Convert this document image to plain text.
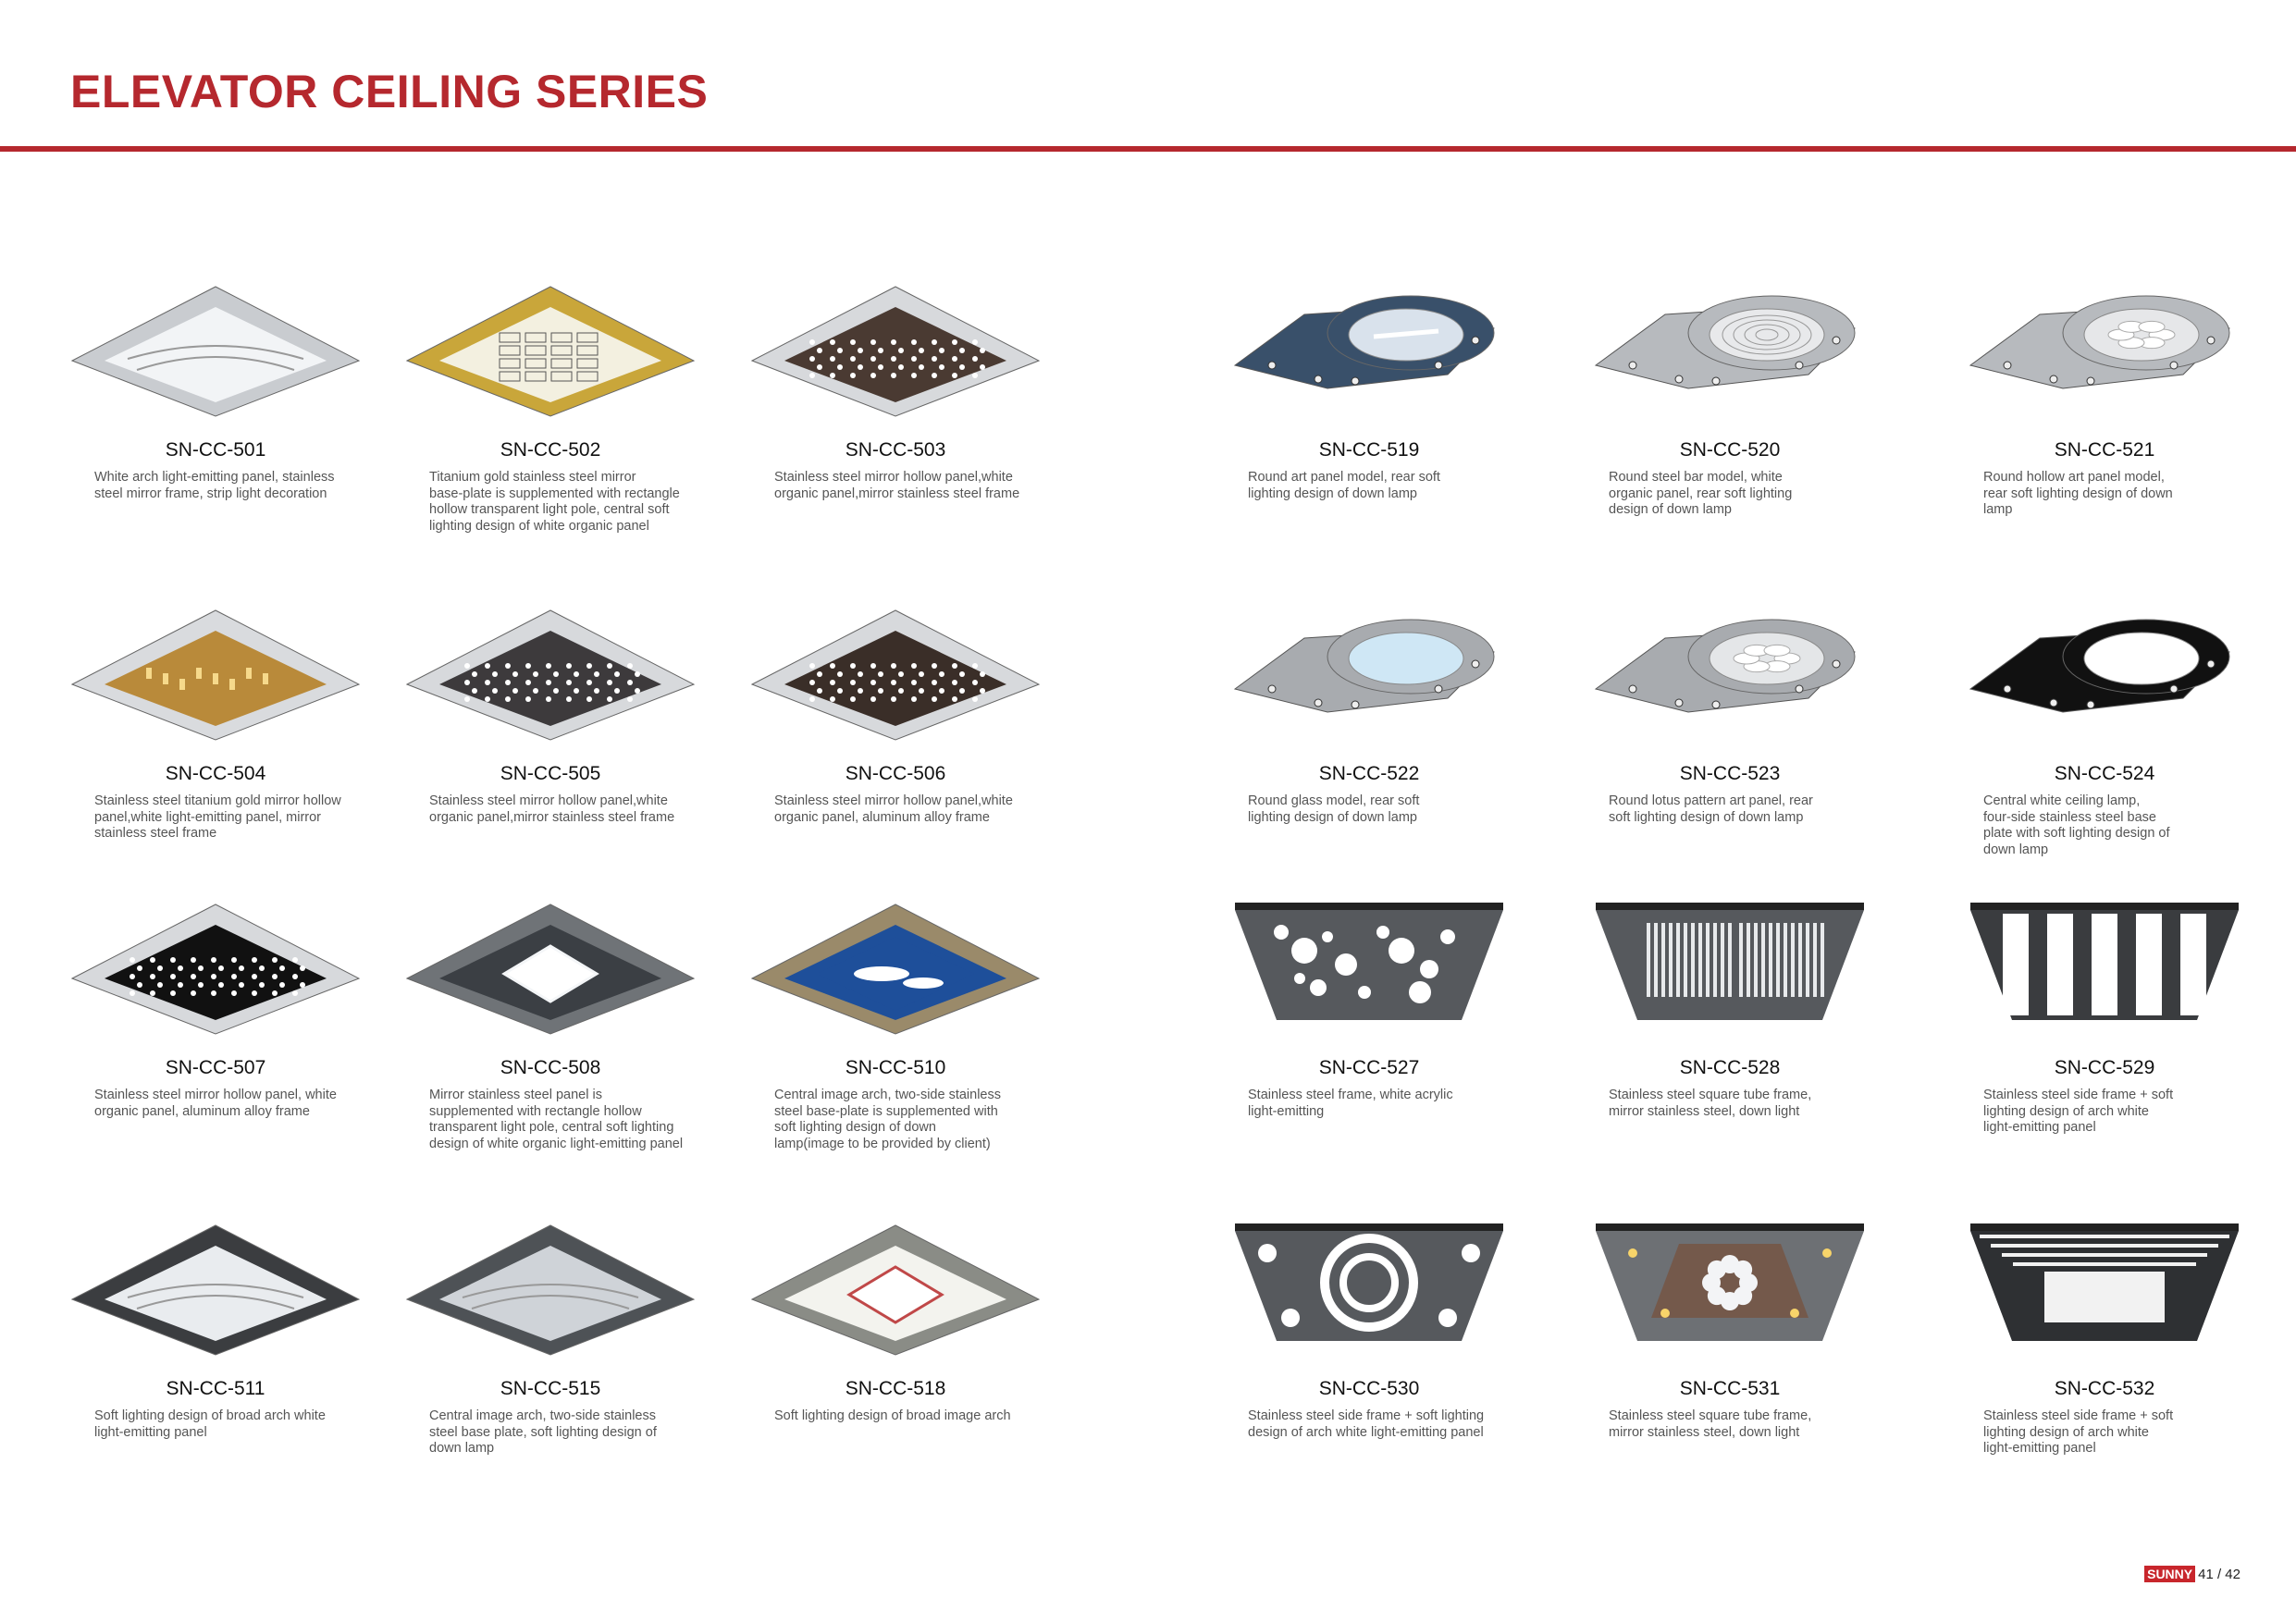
ELEVATOR CEILING SERIES
SN-CC-501
White arch light-emitting panel, stainless
steel mirror frame, strip light decoration
SN-CC-502
Titanium gold stainless steel mirror
base-plate is supplemented with rectangle
hollow transparent light pole, central soft
lighting design of white organic panel
SN-CC-503
Stainless steel mirror hollow panel,white
organic panel,mirror stainless steel frame
SN-CC-519
Round art panel model, rear soft
lighting design of down lamp
SN-CC-520
Round steel bar model, white
organic panel, rear soft lighting
design of down lamp
SN-CC-521
Round hollow art panel model,
rear soft lighting design of down
lamp
SN-CC-504
Stainless steel titanium gold mirror hollow
panel,white light-emitting panel, mirror
stainless steel frame
SN-CC-505
Stainless steel mirror hollow panel,white
organic panel,mirror stainless steel frame
SN-CC-506
Stainless steel mirror hollow panel,white
organic panel, aluminum alloy frame
SN-CC-522
Round glass model, rear soft
lighting design of down lamp
SN-CC-523
Round lotus pattern art panel, rear
soft lighting design of down lamp
SN-CC-524
Central white ceiling lamp,
four-side stainless steel base
plate with soft lighting design of
down lamp
SN-CC-507
Stainless steel mirror hollow panel, white
organic panel, aluminum alloy frame
SN-CC-508
Mirror stainless steel panel is
supplemented with rectangle hollow
transparent light pole, central soft lighting
design of white organic light-emitting panel
SN-CC-510
Central image arch, two-side stainless
steel base-plate is supplemented with
soft lighting design of down
lamp(image to be provided by client)
SN-CC-527
Stainless steel frame, white acrylic
light-emitting
SN-CC-528
Stainless steel square tube frame,
mirror stainless steel, down light
SN-CC-529
Stainless steel side frame + soft
lighting design of arch white
light-emitting panel
SN-CC-511
Soft lighting design of broad arch white
light-emitting panel
SN-CC-515
Central image arch, two-side stainless
steel base plate, soft lighting design of
down lamp
SN-CC-518
Soft lighting design of broad image arch
SN-CC-530
Stainless steel side frame + soft lighting
design of arch white light-emitting panel
SN-CC-531
Stainless steel square tube frame,
mirror stainless steel, down light
SN-CC-532
Stainless steel side frame + soft
lighting design of arch white
light-emitting panel
SUNNY 41 / 42
